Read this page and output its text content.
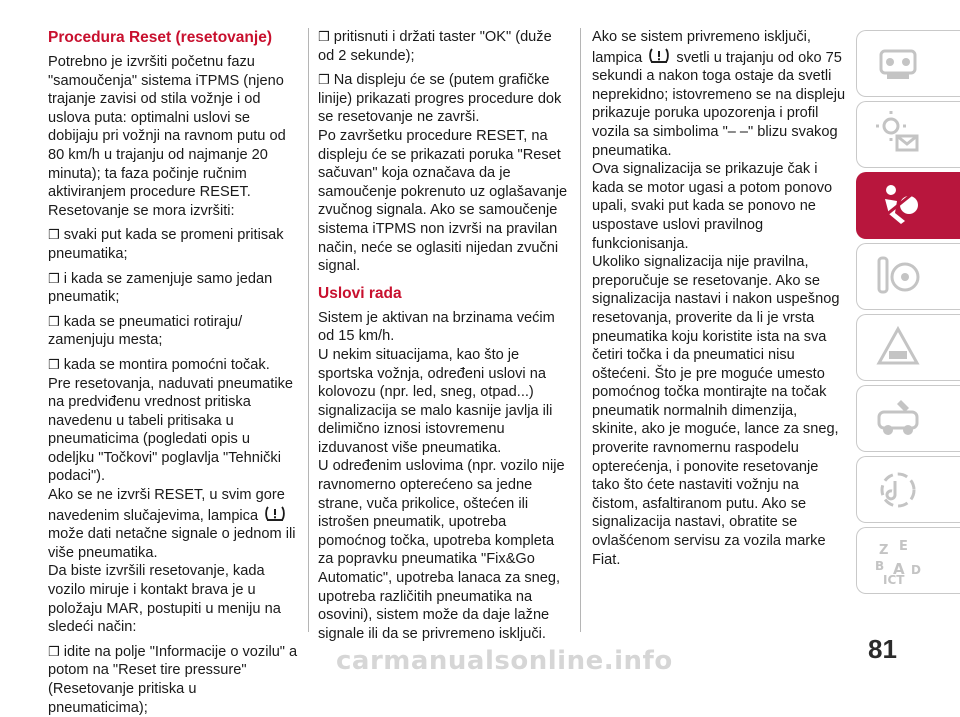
Procedura Reset (resetovanje)

Potrebno je izvršiti početnu fazu "samoučenja" sistema iTPMS (njeno trajanje zavisi od stila vožnje i od uslova puta: optimalni uslovi se dobijaju pri vožnji na ravnom putu od 80 km/h u trajanju od najmanje 20 minuta); ta faza počinje ručnim aktiviranjem procedure RESET.

Resetovanje se mora izvršiti:

❒ svaki put kada se promeni pritisak pneumatika;

❒ i kada se zamenjuje samo jedan pneumatik;

❒ kada se pneumatici rotiraju/ zamenjuju mesta;

❒ kada se montira pomoćni točak.

Pre resetovanja, naduvati pneumatike na predviđenu vrednost pritiska navedenu u tabeli pritisaka u pneumaticima (pogledati opis u odeljku "Točkovi" poglavlja "Tehnički podaci").

Ako se ne izvrši RESET, u svim gore navedenim slučajevima, lampica  može dati netačne signale o jednom ili više pneumatika.

Da biste izvršili resetovanje, kada vozilo miruje i kontakt brava je u položaju MAR, postupiti u meniju na sledeći način:

❒ idite na polje "Informacije o vozilu" a potom na "Reset tire pressure" (Resetovanje pritiska u pneumaticima);

❒ pritisnuti i držati taster "OK" (duže od 2 sekunde);

❒ Na displeju će se (putem grafičke linije) prikazati progres procedure dok se resetovanje ne završi.

Po završetku procedure RESET, na displeju će se prikazati poruka "Reset sačuvan" koja označava da je samoučenje pokrenuto uz oglašavanje zvučnog signala. Ako se samoučenje sistema iTPMS non izvrši na pravilan način, neće se oglasiti nijedan zvučni signal.

Uslovi rada

Sistem je aktivan na brzinama većim od 15 km/h.

U nekim situacijama, kao što je sportska vožnja, određeni uslovi na kolovozu (npr. led, sneg, otpad...) signalizacija se malo kasnije javlja ili delimično iznosi istovremenu izduvanost više pneumatika.

U određenim uslovima (npr. vozilo nije ravnomerno opterećeno sa jedne strane, vuča prikolice, oštećen ili istrošen pneumatik, upotreba pomoćnog točka, upotreba kompleta za popravku pneumatika "Fix&Go Automatic", upotreba lanaca za sneg, upotreba različitih pneumatika na osovini), sistem može da daje lažne signale ili da se privremeno isključi.

Ako se sistem privremeno isključi, lampica  svetli u trajanju od oko 75 sekundi a nakon toga ostaje da svetli neprekidno; istovremeno se na displeju prikazuje poruka upozorenja i profil vozila sa simbolima "– –" blizu svakog pneumatika.

Ova signalizacija se prikazuje čak i kada se motor ugasi a potom ponovo upali, svaki put kada se ponovo ne uspostave uslovi pravilnog funkcionisanja.

Ukoliko signalizacija nije pravilna, preporučuje se resetovanje. Ako se signalizacija nastavi i nakon uspešnog resetovanja, proverite da li je vrsta pneumatika koju koristite ista na sva četiri točka i da pneumatici nisu oštećeni. Što je pre moguće umesto pomoćnog točka montirajte na točak pneumatik normalnih dimenzija, skinite, ako je moguće, lance za sneg, proverite ravnomernu raspodelu opterećenja, i ponovite resetovanje tako što ćete nastaviti vožnju na čistom, asfaltiranom putu. Ako se signalizacija nastavi, obratite se ovlašćenom servisu za vozila marke Fiat.

Z E
B A D
ICT
81
carmanualsonline.info
